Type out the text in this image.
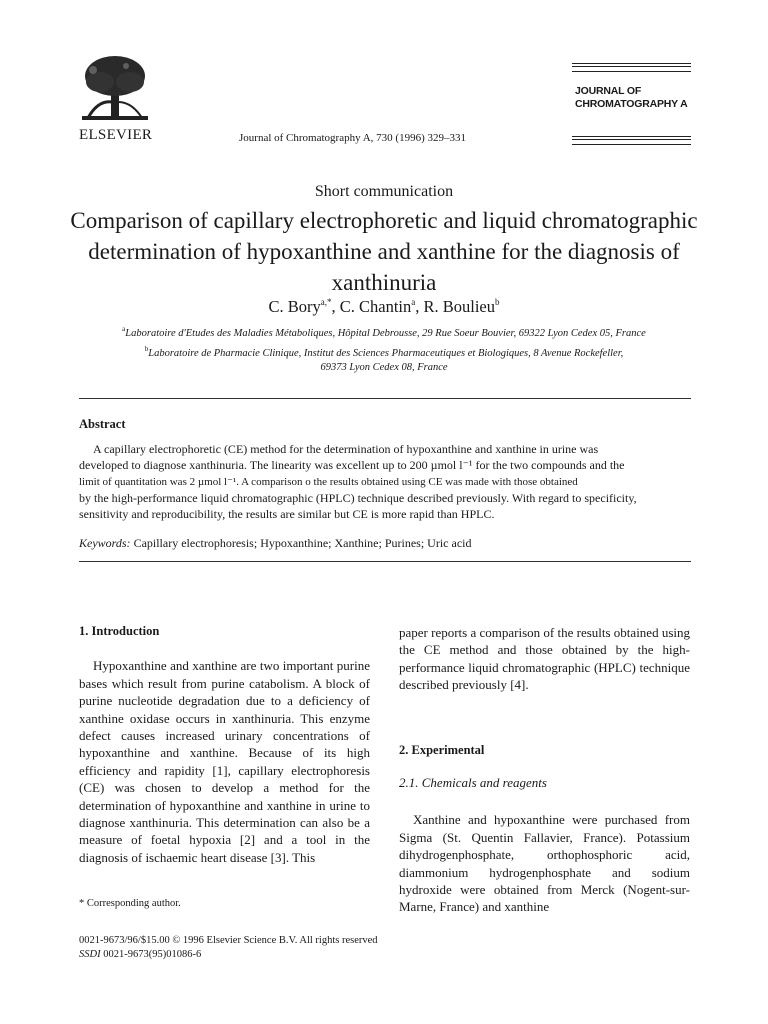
ELSEVIER	Journal of Chromatography A, 730 (1996) 329–331
JOURNAL OF
CHROMATOGRAPHY A
Short communication
Comparison of capillary electrophoretic and liquid chromatographic determination of hypoxanthine and xanthine for the diagnosis of xanthinuria
C. Bory$^{a,*}$, C. Chantin$^a$, R. Boulieu$^b$
$^a$Laboratoire d'Etudes des Maladies Métaboliques, Hôpital Debrousse, 29 Rue Soeur Bouvier, 69322 Lyon Cedex 05, France
$^b$Laboratoire de Pharmacie Clinique, Institut des Sciences Pharmaceutiques et Biologiques, 8 Avenue Rockefeller,
69373 Lyon Cedex 08, France
Abstract
A capillary electrophoretic (CE) method for the determination of hypoxanthine and xanthine in urine was
developed to diagnose xanthinuria. The linearity was excellent up to 200 µmol l⁻¹ for the two compounds and the
limit of quantitation was 2 µmol l⁻¹. A comparison o the results obtained using CE was made with those obtained
by the high-performance liquid chromatographic (HPLC) technique described previously. With regard to specificity,
sensitivity and reproducibility, the results are similar but CE is more rapid than HPLC.
Keywords: Capillary electrophoresis; Hypoxanthine; Xanthine; Purines; Uric acid
1. Introduction

Hypoxanthine and xanthine are two important purine bases which result from purine catabolism. A block of purine nucleotide degradation due to a deficiency of xanthine oxidase occurs in xanthinuria. This enzyme defect causes increased urinary concentrations of hypoxanthine and xanthine. Because of its high efficiency and rapidity [1], capillary electrophoresis (CE) was chosen to develop a method for the determination of hypoxanthine and xanthine in urine to diagnose xanthinuria. This determination can also be a measure of foetal hypoxia [2] and a tool in the diagnosis of ischaemic heart disease [3]. This

* Corresponding author.

paper reports a comparison of the results obtained using the CE method and those obtained by the high-performance liquid chromatographic (HPLC) technique described previously [4].

2. Experimental
2.1. Chemicals and reagents

Xanthine and hypoxanthine were purchased from Sigma (St. Quentin Fallavier, France). Potassium dihydrogenphosphate, orthophosphoric acid, diammonium hydrogenphosphate and sodium hydroxide were obtained from Merck (Nogent-sur-Marne, France) and xanthine

0021-9673/96/$15.00 © 1996 Elsevier Science B.V. All rights reserved
SSDI 0021-9673(95)01086-6
